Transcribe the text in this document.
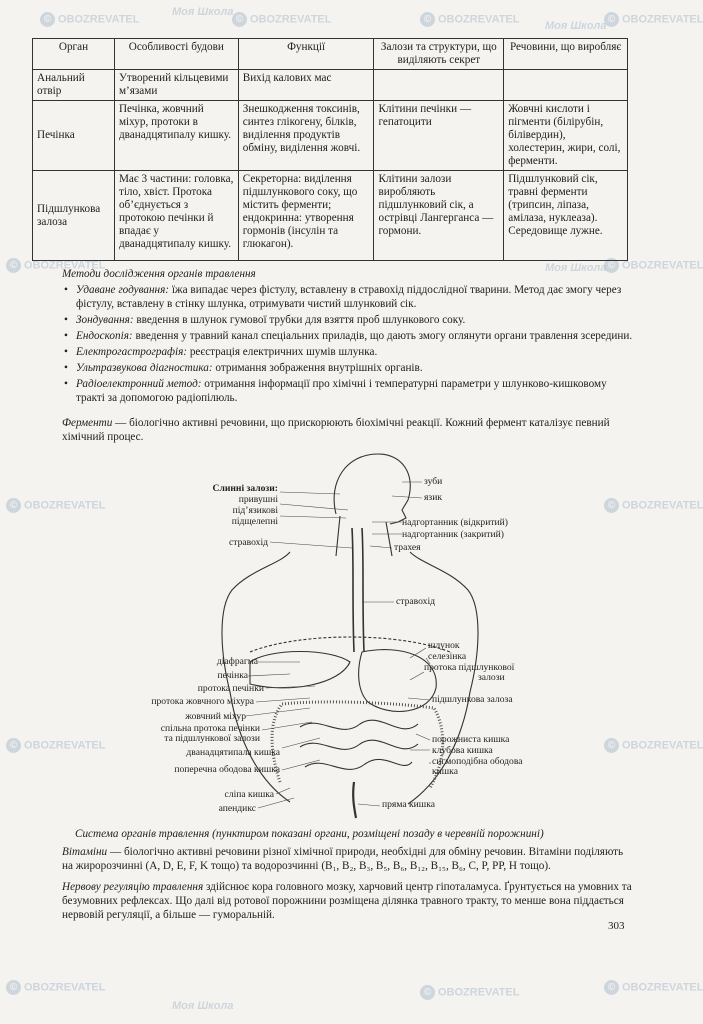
© OBOZREVATEL
Моя Школа
© OBOZREVATEL	© OBOZREVATEL
Моя Школа
© OBOZREVATEL
© OBOZREVATEL	Моя Школа © OBOZREVATEL
© OBOZREVATEL	© OBOZREVATEL
© OBOZREVATEL	© OBOZREVATEL
© OBOZREVATEL
Моя Школа
© OBOZREVATEL	© OBOZREVATEL
Орган	Особливості будови	Функції	Залози та структури, що виділяють секрет	Речовини, що виробляє
Анальний отвір	Утворений кільцевими м’язами	Вихід калових мас		
Печінка	Печінка, жовчний міхур, протоки в дванадцятипалу кишку.	Знешкодження токсинів, синтез глікогену, білків, виділення продуктів обміну, виділення жовчі.	Клітини печінки — гепатоцити	Жовчні кислоти і пігменти (білірубін, білівердин), холестерин, жири, солі, ферменти.
Підшлункова залоза	Має 3 частини: головка, тіло, хвіст. Протока об’єднується з протокою печінки й впадає у дванадцятипалу кишку.	Секреторна: виділення підшлункового соку, що містить ферменти; ендокринна: утворення гормонів (інсулін та глюкагон).	Клітини залози виробляють підшлунковий сік, а острівці Лангерганса — гормони.	Підшлунковий сік, травні ферменти (трипсин, ліпаза, амілаза, нуклеаза). Середовище лужне.
Методи дослідження органів травлення
• Удаване годування: їжа випадає через фістулу, вставлену в стравохід піддослідної тварини. Метод дає змогу через фістулу, вставлену в стінку шлунка, отримувати чистий шлунковий сік.
• Зондування: введення в шлунок гумової трубки для взяття проб шлункового соку.
• Ендоскопія: введення у травний канал спеціальних приладів, що дають змогу оглянути органи травлення зсередини.
• Електрогастрографія: реєстрація електричних шумів шлунка.
• Ультразвукова діагностика: отримання зображення внутрішніх органів.
• Радіоелектронний метод: отримання інформації про хімічні і температурні параметри у шлунково-кишковому тракті за допомогою радіопілюль.
Ферменти — біологічно активні речовини, що прискорюють біохімічні реакції. Кожний фермент каталізує певний хімічний процес.
Слинні залози:
привушні
під’язикові
підщелепні
стравохід
діафрагма
печінка
протока печінки
протока жовчного міхура
жовчний міхур
спільна протока печінки
та підшлункової залози
дванадцятипала кишка
поперечна ободова кишка
сліпа кишка
апендикс
зуби
язик
надгортанник (відкритий)
надгортанник (закритий)
трахея
стравохід
шлунок
селезінка
протока підшлункової
залози
підшлункова залоза
порожниста кишка
клубова кишка
сигмоподібна ободова
кишка
пряма кишка
Система органів травлення (пунктиром показані органи, розміщені позаду в черевній порожнині)
Вітаміни — біологічно активні речовини різної хімічної природи, необхідні для обміну речовин. Вітаміни поділяють на жиророзчинні (A, D, E, F, K тощо) та водорозчинні (B₁, B₂, B₃, B₅, B₆, B₁₂, B₁₅, B₆, C, P, PP, H тощо).
Нервову регуляцію травлення здійснює кора головного мозку, харчовий центр гіпоталамуса. Ґрунтується на умовних та безумовних рефлексах. Що далі від ротової порожнини розміщена ділянка травного тракту, то менше вона піддається нервовій регуляції, а більше — гуморальній.
303
